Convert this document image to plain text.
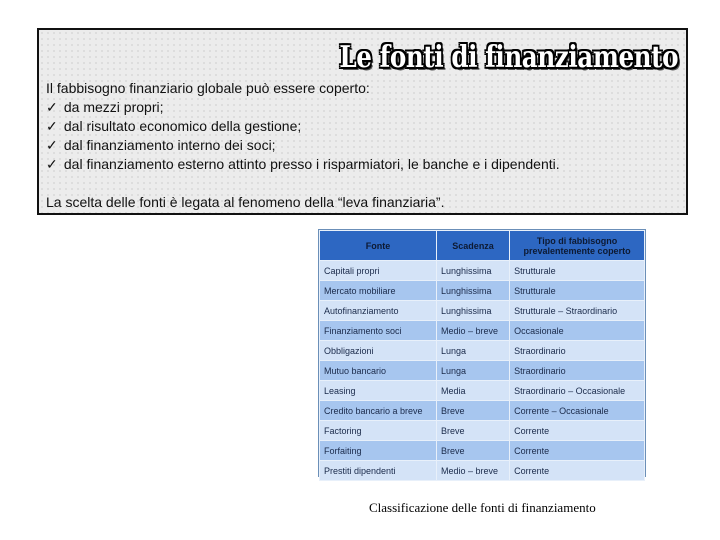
Le fonti di finanziamento
Il fabbisogno finanziario globale può essere coperto:
✓ da mezzi propri;
✓ dal risultato economico della gestione;
✓ dal finanziamento interno dei soci;
✓ dal finanziamento esterno attinto presso i risparmiatori, le banche e i dipendenti.
La scelta delle fonti è legata al fenomeno della “leva finanziaria”.
Fonte	Scadenza	Tipo di fabbisogno prevalentemente coperto
Capitali propri	Lunghissima	Strutturale
Mercato mobiliare	Lunghissima	Strutturale
Autofinanziamento	Lunghissima	Strutturale – Straordinario
Finanziamento soci	Medio – breve	Occasionale
Obbligazioni	Lunga	Straordinario
Mutuo bancario	Lunga	Straordinario
Leasing	Media	Straordinario – Occasionale
Credito bancario a breve	Breve	Corrente – Occasionale
Factoring	Breve	Corrente
Forfaiting	Breve	Corrente
Prestiti dipendenti	Medio – breve	Corrente
Classificazione delle fonti di finanziamento
